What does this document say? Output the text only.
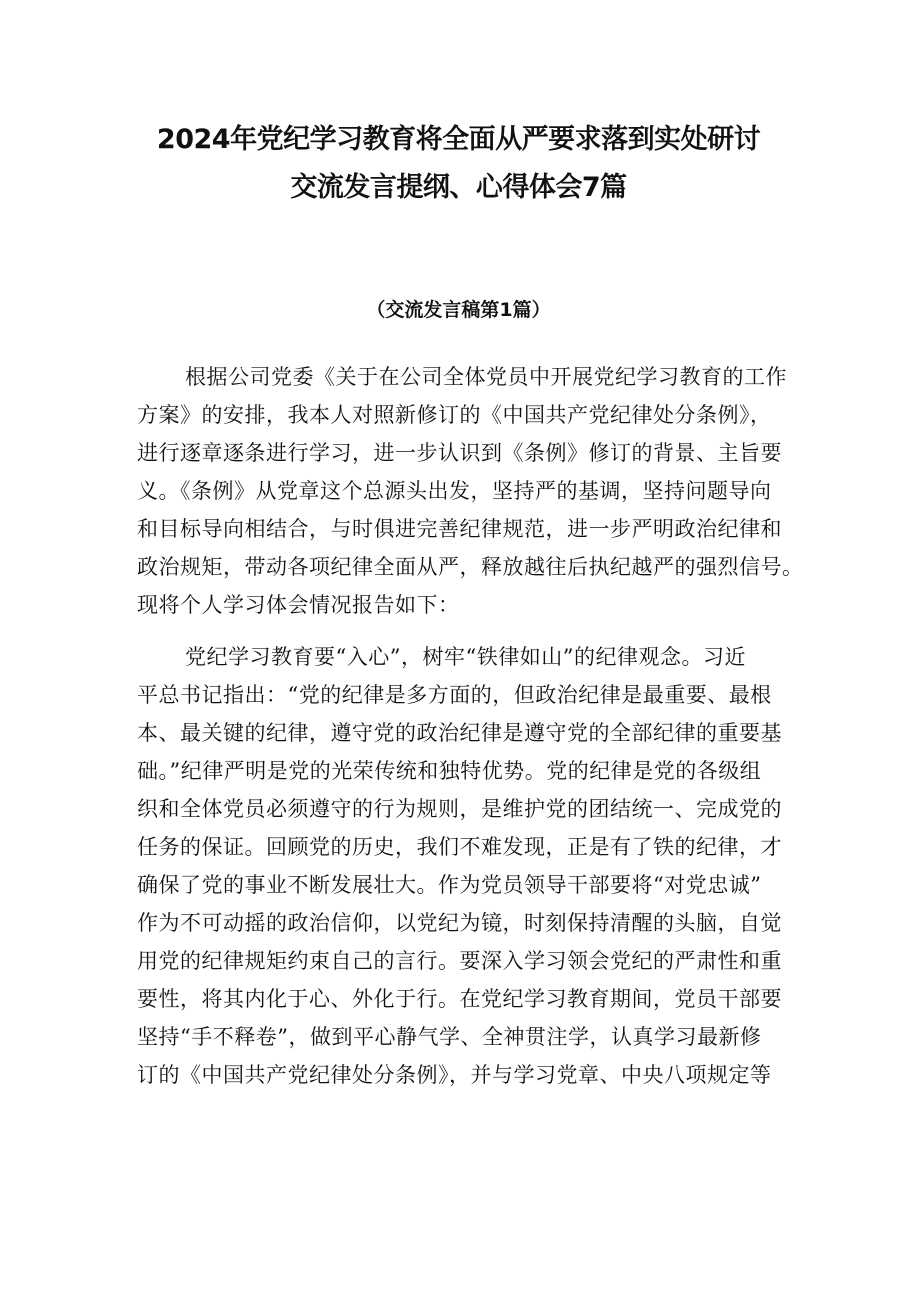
2024年党纪学习教育将全面从严要求落到实处研讨
交流发言提纲、心得体会7篇
（交流发言稿第1篇）

根据公司党委《关于在公司全体党员中开展党纪学习教育的工作
方案》的安排，我本人对照新修订的《中国共产党纪律处分条例》，
进行逐章逐条进行学习，进一步认识到《条例》修订的背景、主旨要
义。《条例》从党章这个总源头出发，坚持严的基调，坚持问题导向
和目标导向相结合，与时俱进完善纪律规范，进一步严明政治纪律和
政治规矩，带动各项纪律全面从严，释放越往后执纪越严的强烈信号。
现将个人学习体会情况报告如下：

党纪学习教育要“入心”，树牢“铁律如山”的纪律观念。习近
平总书记指出：“党的纪律是多方面的，但政治纪律是最重要、最根
本、最关键的纪律，遵守党的政治纪律是遵守党的全部纪律的重要基
础。”纪律严明是党的光荣传统和独特优势。党的纪律是党的各级组
织和全体党员必须遵守的行为规则，是维护党的团结统一、完成党的
任务的保证。回顾党的历史，我们不难发现，正是有了铁的纪律，才
确保了党的事业不断发展壮大。作为党员领导干部要将“对党忠诚”
作为不可动摇的政治信仰，以党纪为镜，时刻保持清醒的头脑，自觉
用党的纪律规矩约束自己的言行。要深入学习领会党纪的严肃性和重
要性，将其内化于心、外化于行。在党纪学习教育期间，党员干部要
坚持“手不释卷”，做到平心静气学、全神贯注学，认真学习最新修
订的《中国共产党纪律处分条例》，并与学习党章、中央八项规定等
